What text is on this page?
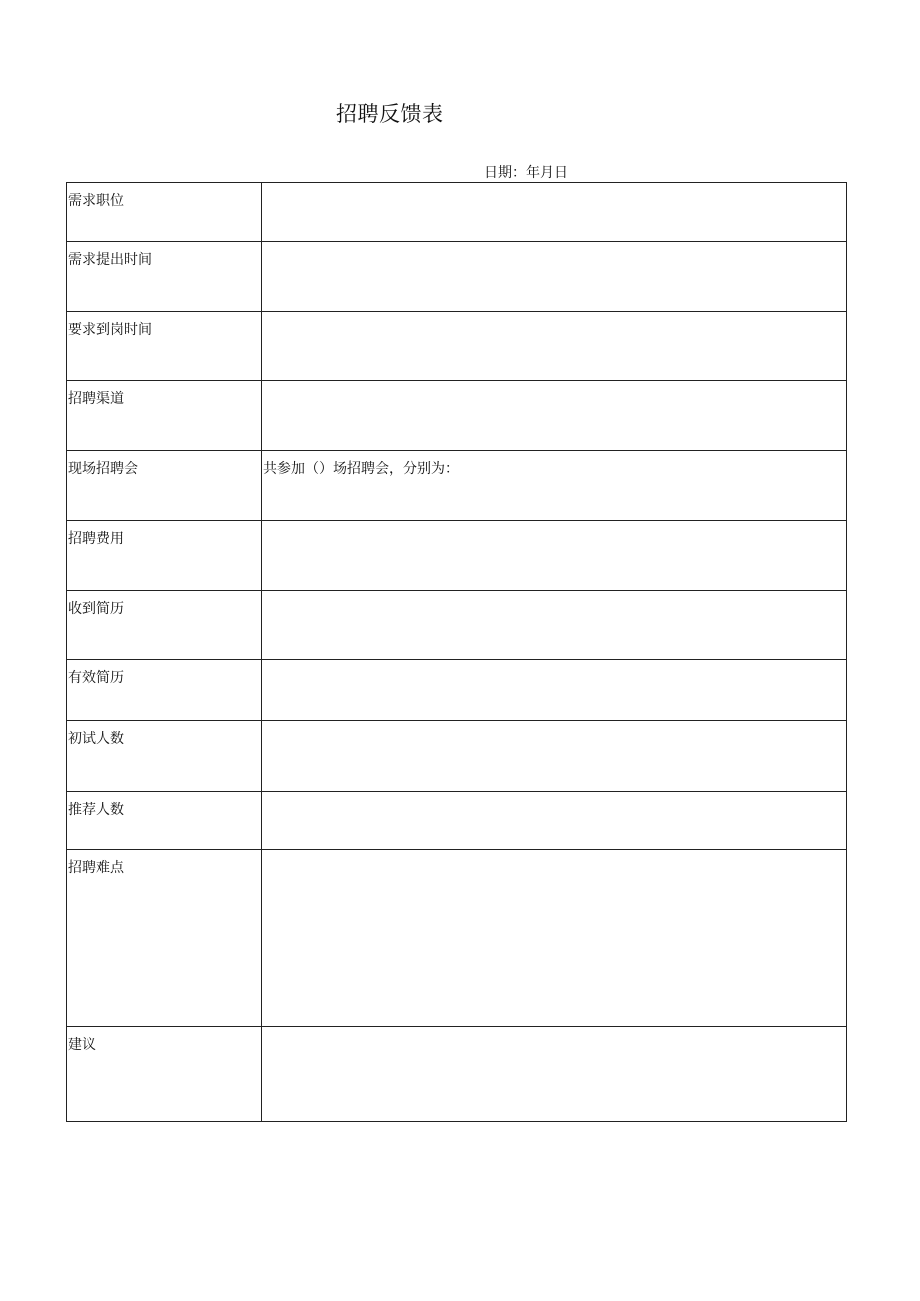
招聘反馈表
日期：年月日
需求职位	
需求提出时间	
要求到岗时间	
招聘渠道	
现场招聘会	共参加（）场招聘会，分别为：
招聘费用	
收到简历	
有效简历	
初试人数	
推荐人数	
招聘难点	
建议	
